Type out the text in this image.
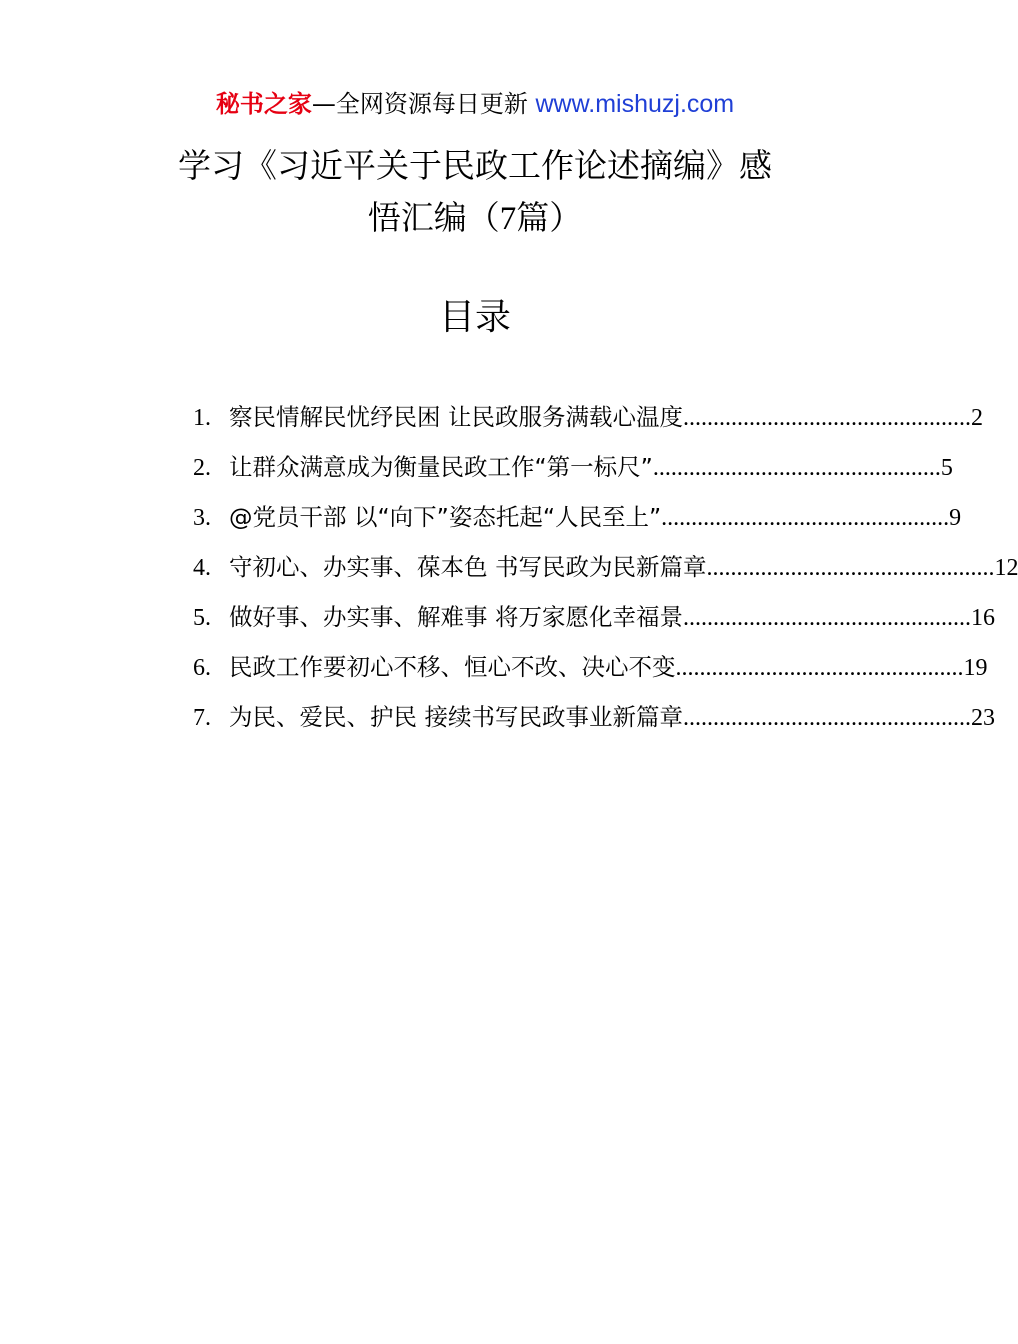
秘书之家—全网资源每日更新 www.mishuzj.com
学习《习近平关于民政工作论述摘编》感
悟汇编（7篇）
目录
1. 察民情解民忧纾民困 让民政服务满载心温度 ................................................ 2
2. 让群众满意成为衡量民政工作“第一标尺” ................................................ 5
3. @党员干部 以“向下”姿态托起“人民至上” ................................................ 9
4. 守初心、办实事、葆本色 书写民政为民新篇章 ................................................ 12
5. 做好事、办实事、解难事 将万家愿化幸福景 ................................................ 16
6. 民政工作要初心不移、恒心不改、决心不变 ................................................ 19
7. 为民、爱民、护民 接续书写民政事业新篇章 ................................................ 23
